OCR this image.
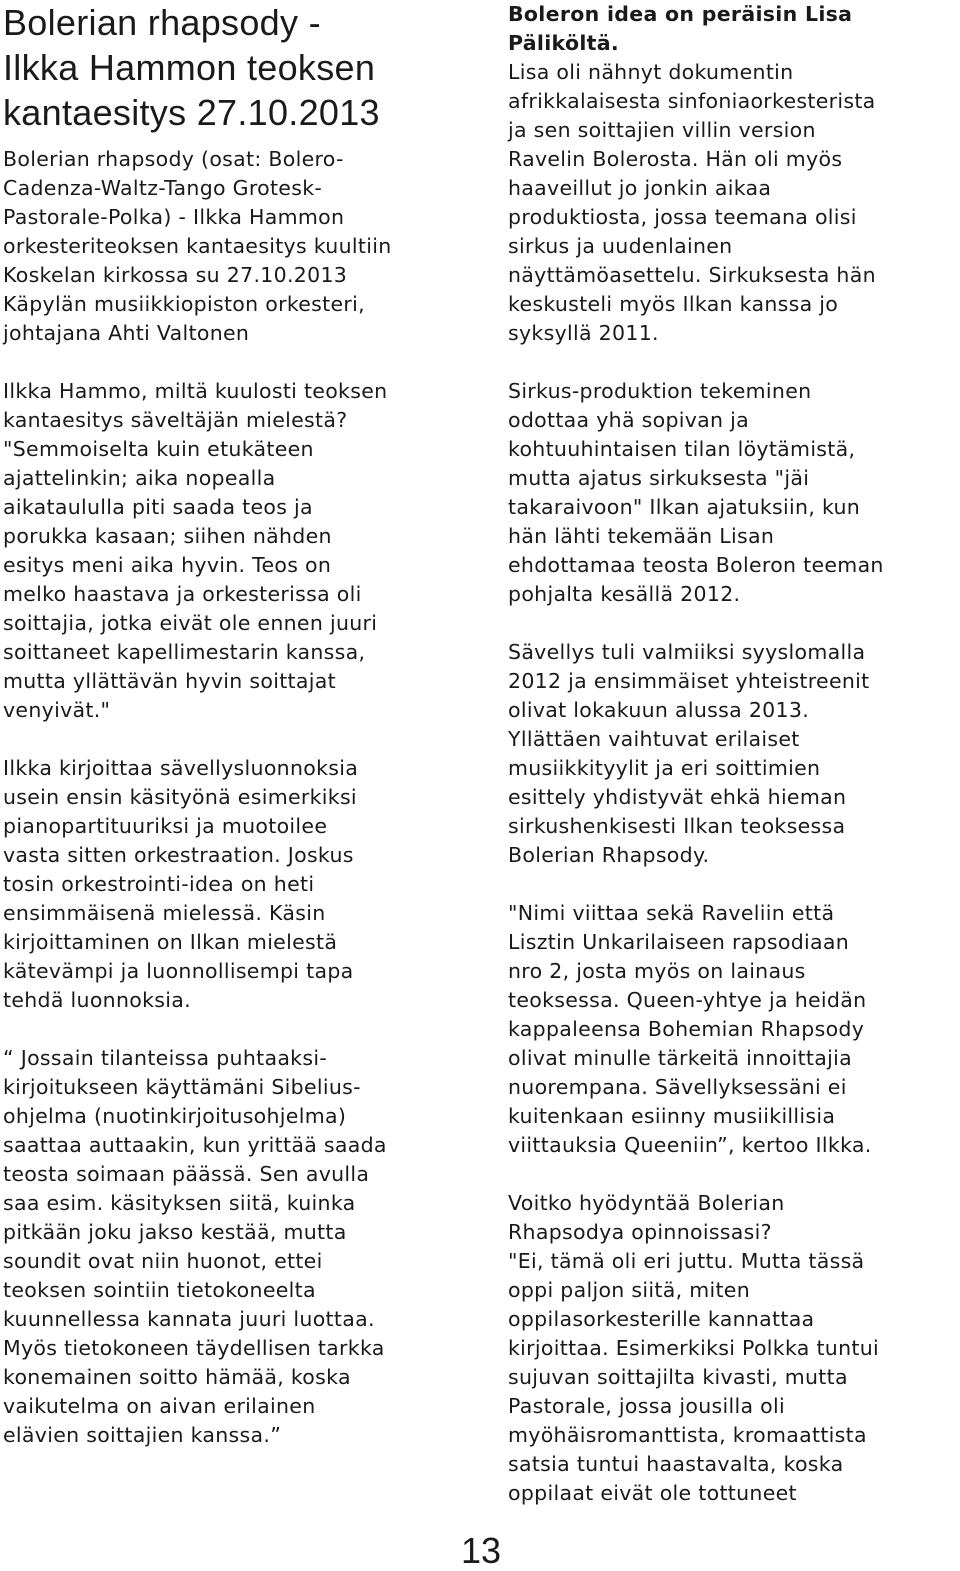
Bolerian rhapsody -
Ilkka Hammon teoksen
kantaesitys 27.10.2013
Bolerian rhapsody (osat: Bolero-
Cadenza-Waltz-Tango Grotesk-
Pastorale-Polka) - Ilkka Hammon
orkesteriteoksen kantaesitys kuultiin
Koskelan kirkossa su 27.10.2013
Käpylän musiikkiopiston orkesteri,
johtajana Ahti Valtonen
Ilkka Hammo, miltä kuulosti teoksen
kantaesitys säveltäjän mielestä?
"Semmoiselta kuin etukäteen
ajattelinkin; aika nopealla
aikataululla piti saada teos ja
porukka kasaan; siihen nähden
esitys meni aika hyvin. Teos on
melko haastava ja orkesterissa oli
soittajia, jotka eivät ole ennen juuri
soittaneet kapellimestarin kanssa,
mutta yllättävän hyvin soittajat
venyivät."
Ilkka kirjoittaa sävellysluonnoksia
usein ensin käsityönä esimerkiksi
pianopartituuriksi ja muotoilee
vasta sitten orkestraation. Joskus
tosin orkestrointi-idea on heti
ensimmäisenä mielessä. Käsin
kirjoittaminen on Ilkan mielestä
kätevämpi ja luonnollisempi tapa
tehdä luonnoksia.
“ Jossain tilanteissa puhtaaksi-
kirjoitukseen käyttämäni Sibelius-
ohjelma (nuotinkirjoitusohjelma)
saattaa auttaakin, kun yrittää saada
teosta soimaan päässä. Sen avulla
saa esim. käsityksen siitä, kuinka
pitkään joku jakso kestää, mutta
soundit ovat niin huonot, ettei
teoksen sointiin tietokoneelta
kuunnellessa kannata juuri luottaa.
Myös tietokoneen täydellisen tarkka
konemainen soitto hämää, koska
vaikutelma on aivan erilainen
elävien soittajien kanssa.”
Boleron idea on peräisin Lisa
Päliköltä.
Lisa oli nähnyt dokumentin
afrikkalaisesta sinfoniaorkesterista
ja sen soittajien villin version
Ravelin Bolerosta. Hän oli myös
haaveillut jo jonkin aikaa
produktiosta, jossa teemana olisi
sirkus ja uudenlainen
näyttämöasettelu. Sirkuksesta hän
keskusteli myös Ilkan kanssa jo
syksyllä 2011.
Sirkus-produktion tekeminen
odottaa yhä sopivan ja
kohtuuhintaisen tilan löytämistä,
mutta ajatus sirkuksesta "jäi
takaraivoon" Ilkan ajatuksiin, kun
hän lähti tekemään Lisan
ehdottamaa teosta Boleron teeman
pohjalta kesällä 2012.
Sävellys tuli valmiiksi syyslomalla
2012 ja ensimmäiset yhteistreenit
olivat lokakuun alussa 2013.
Yllättäen vaihtuvat erilaiset
musiikkityylit ja eri soittimien
esittely yhdistyvät ehkä hieman
sirkushenkisesti Ilkan teoksessa
Bolerian Rhapsody.
"Nimi viittaa sekä Raveliin että
Lisztin Unkarilaiseen rapsodiaan
nro 2, josta myös on lainaus
teoksessa. Queen-yhtye ja heidän
kappaleensa Bohemian Rhapsody
olivat minulle tärkeitä innoittajia
nuorempana. Sävellyksessäni ei
kuitenkaan esiinny musiikillisia
viittauksia Queeniin”, kertoo Ilkka.
Voitko hyödyntää Bolerian
Rhapsodya opinnoissasi?
"Ei, tämä oli eri juttu. Mutta tässä
oppi paljon siitä, miten
oppilasorkesterille kannattaa
kirjoittaa. Esimerkiksi Polkka tuntui
sujuvan soittajilta kivasti, mutta
Pastorale, jossa jousilla oli
myöhäisromanttista, kromaattista
satsia tuntui haastavalta, koska
oppilaat eivät ole tottuneet
13
